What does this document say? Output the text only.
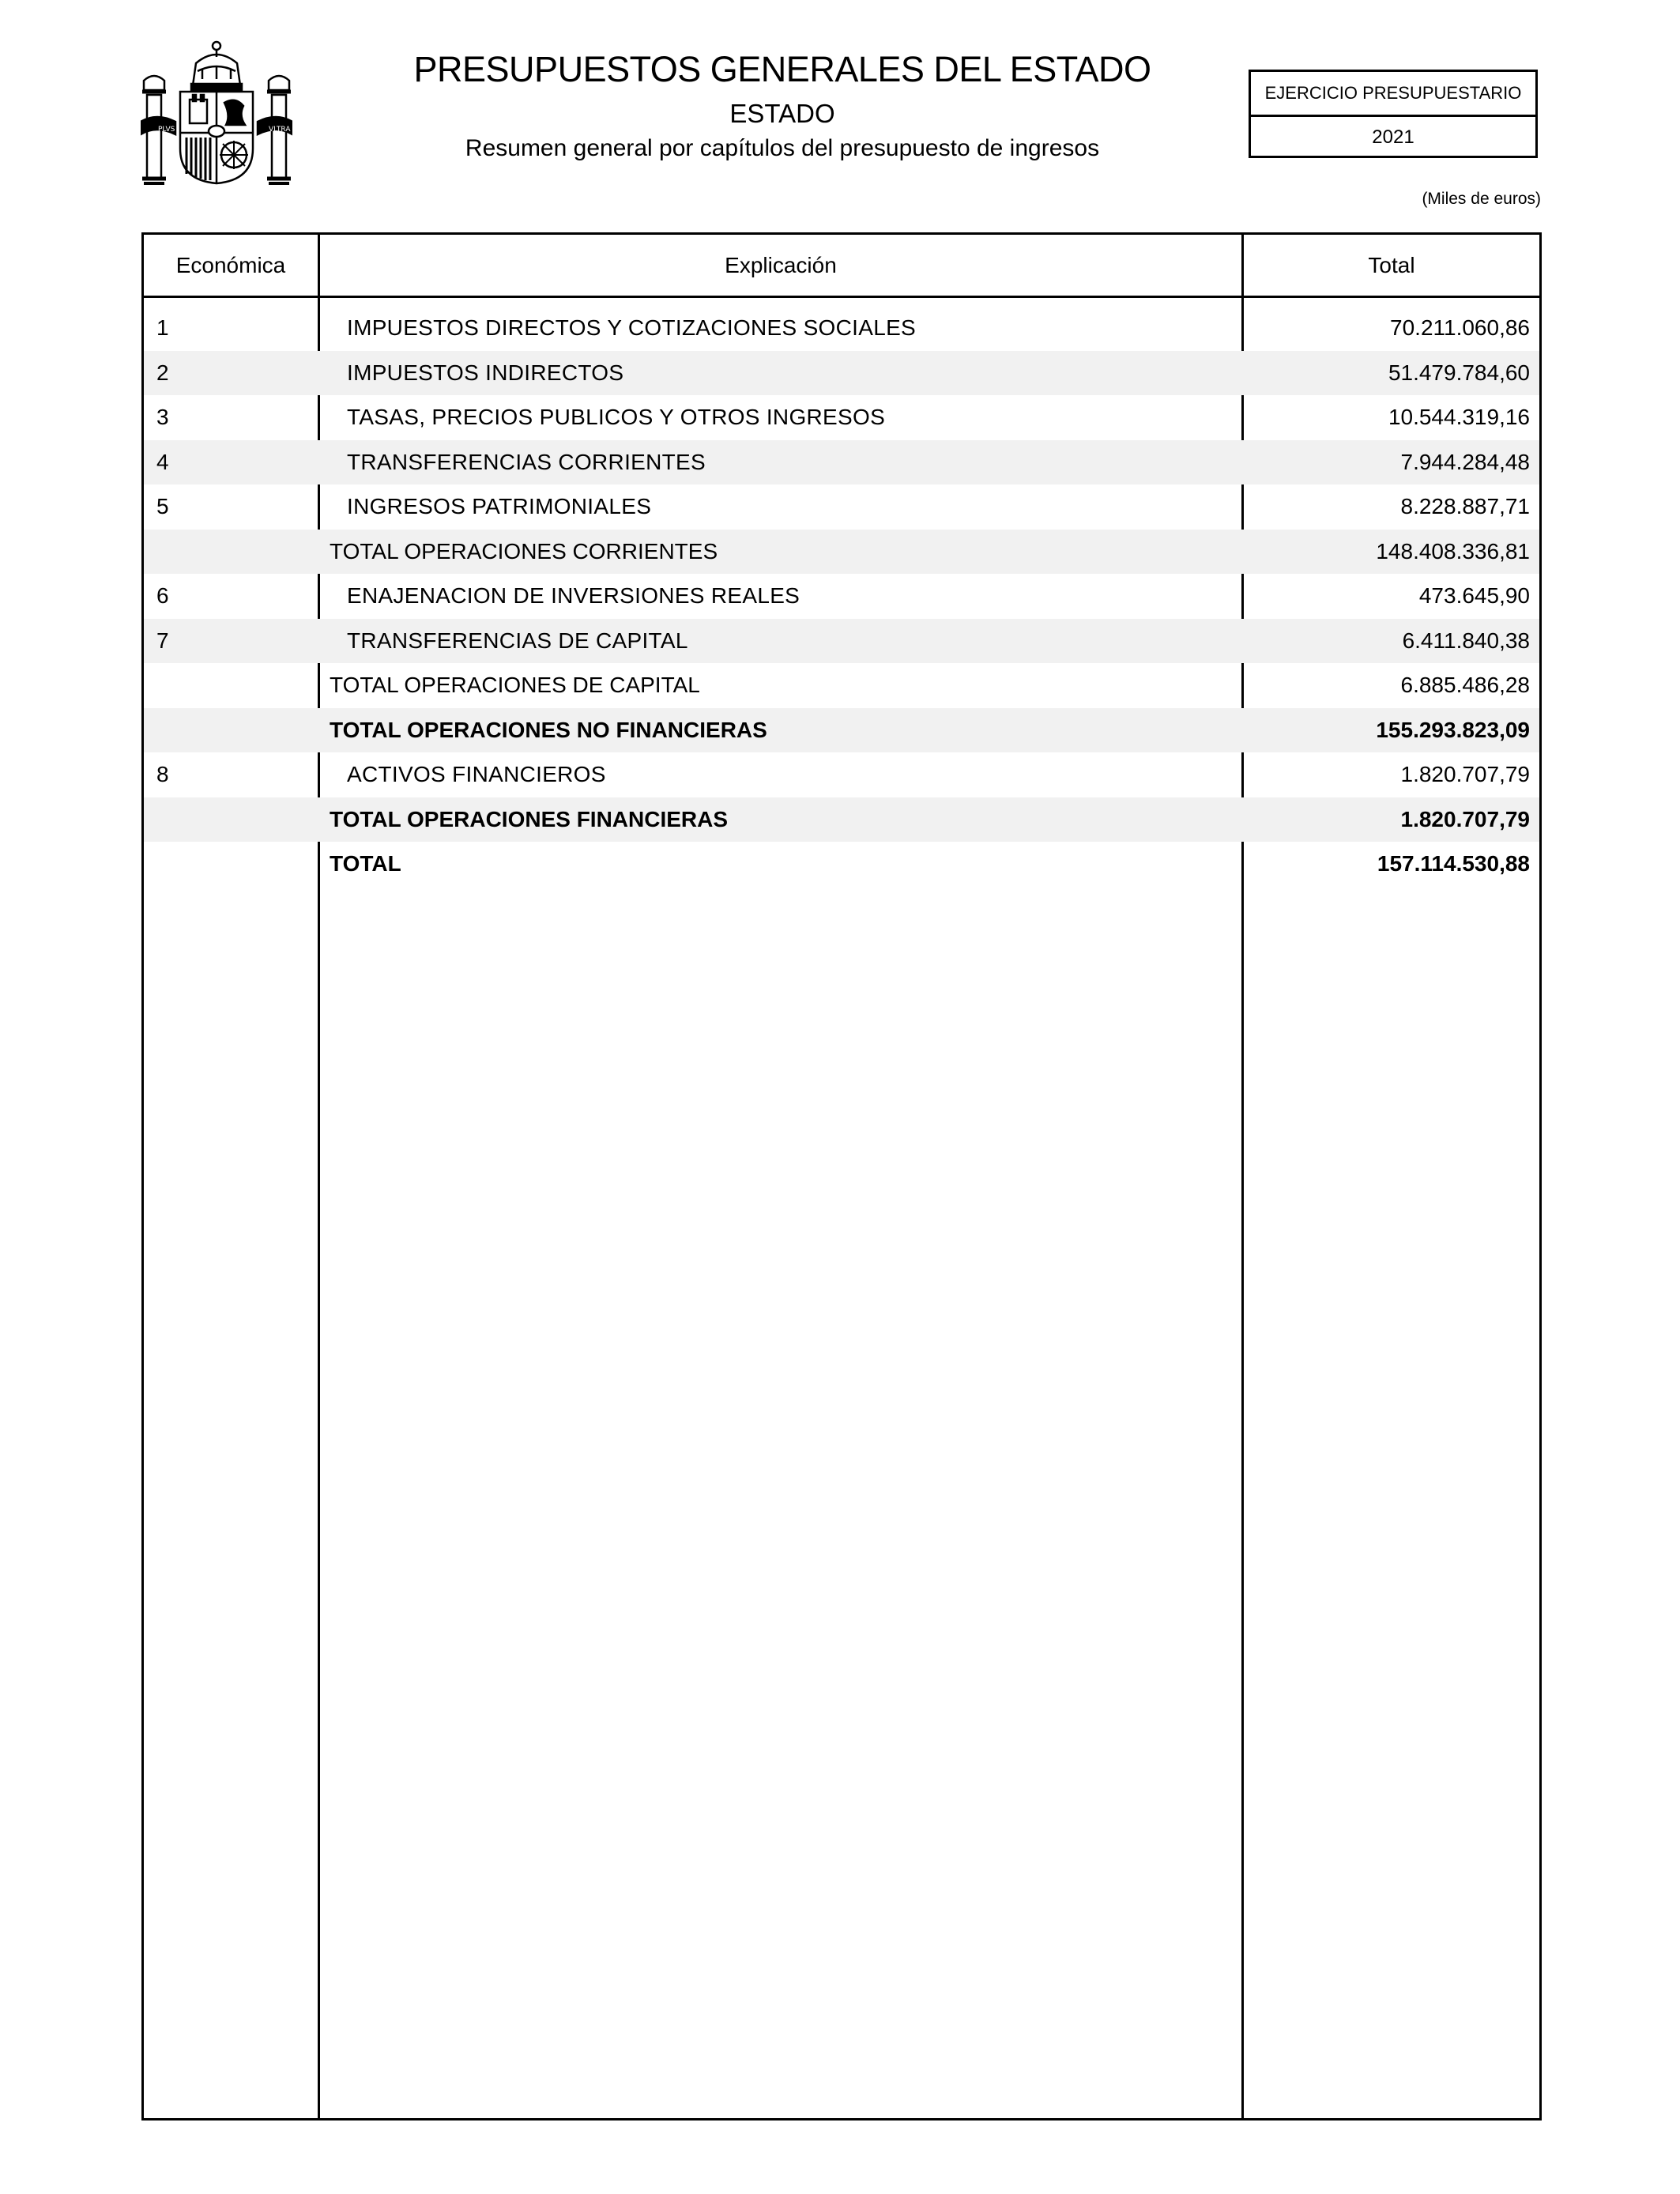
PLVS	VLTRA
PRESUPUESTOS GENERALES DEL ESTADO
ESTADO
Resumen general por capítulos del presupuesto de ingresos
EJERCICIO PRESUPUESTARIO
2021
(Miles de euros)
Económica	Explicación	Total
1	IMPUESTOS DIRECTOS Y COTIZACIONES SOCIALES	70.211.060,86
2	IMPUESTOS INDIRECTOS	51.479.784,60
3	TASAS, PRECIOS PUBLICOS Y OTROS INGRESOS	10.544.319,16
4	TRANSFERENCIAS CORRIENTES	7.944.284,48
5	INGRESOS PATRIMONIALES	8.228.887,71
TOTAL OPERACIONES CORRIENTES	148.408.336,81
6	ENAJENACION DE INVERSIONES REALES	473.645,90
7	TRANSFERENCIAS DE CAPITAL	6.411.840,38
TOTAL OPERACIONES DE CAPITAL	6.885.486,28
TOTAL OPERACIONES NO FINANCIERAS	155.293.823,09
8	ACTIVOS FINANCIEROS	1.820.707,79
TOTAL OPERACIONES FINANCIERAS	1.820.707,79
TOTAL	157.114.530,88
